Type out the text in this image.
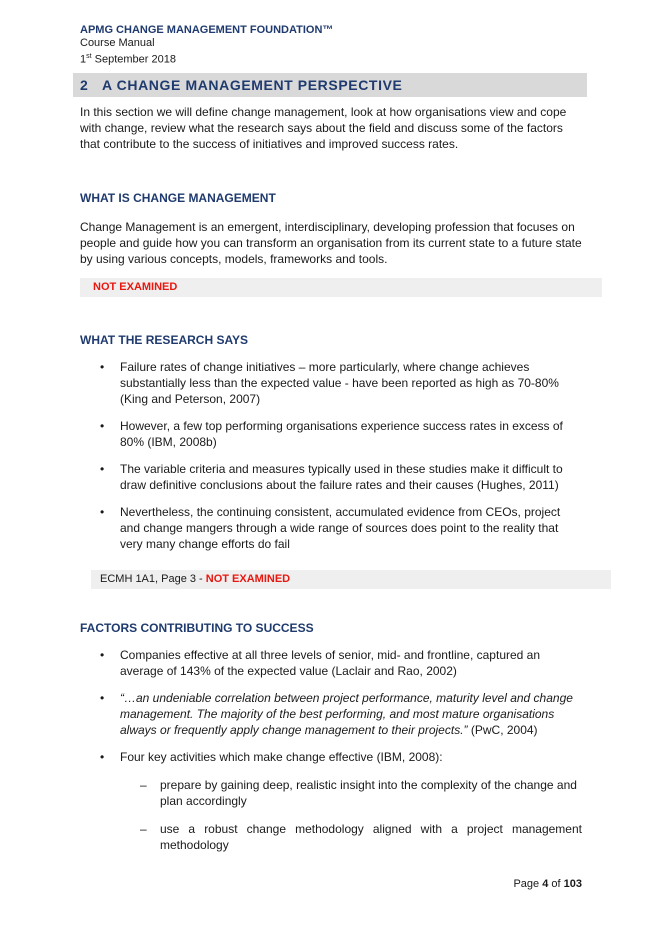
APMG CHANGE MANAGEMENT FOUNDATION™
Course Manual
1st September 2018
2 A CHANGE MANAGEMENT PERSPECTIVE
In this section we will define change management, look at how organisations view and cope with change, review what the research says about the field and discuss some of the factors that contribute to the success of initiatives and improved success rates.
WHAT IS CHANGE MANAGEMENT
Change Management is an emergent, interdisciplinary, developing profession that focuses on people and guide how you can transform an organisation from its current state to a future state by using various concepts, models, frameworks and tools.
NOT EXAMINED
WHAT THE RESEARCH SAYS
• Failure rates of change initiatives – more particularly, where change achieves substantially less than the expected value - have been reported as high as 70-80% (King and Peterson, 2007)
• However, a few top performing organisations experience success rates in excess of 80% (IBM, 2008b)
• The variable criteria and measures typically used in these studies make it difficult to draw definitive conclusions about the failure rates and their causes (Hughes, 2011)
• Nevertheless, the continuing consistent, accumulated evidence from CEOs, project and change mangers through a wide range of sources does point to the reality that very many change efforts do fail
ECMH 1A1, Page 3 - NOT EXAMINED
FACTORS CONTRIBUTING TO SUCCESS
• Companies effective at all three levels of senior, mid- and frontline, captured an average of 143% of the expected value (Laclair and Rao, 2002)
• “…an undeniable correlation between project performance, maturity level and change management. The majority of the best performing, and most mature organisations always or frequently apply change management to their projects.” (PwC, 2004)
• Four key activities which make change effective (IBM, 2008):
–	prepare by gaining deep, realistic insight into the complexity of the change and plan accordingly
–	use a robust change methodology aligned with a project management methodology
Page 4 of 103
